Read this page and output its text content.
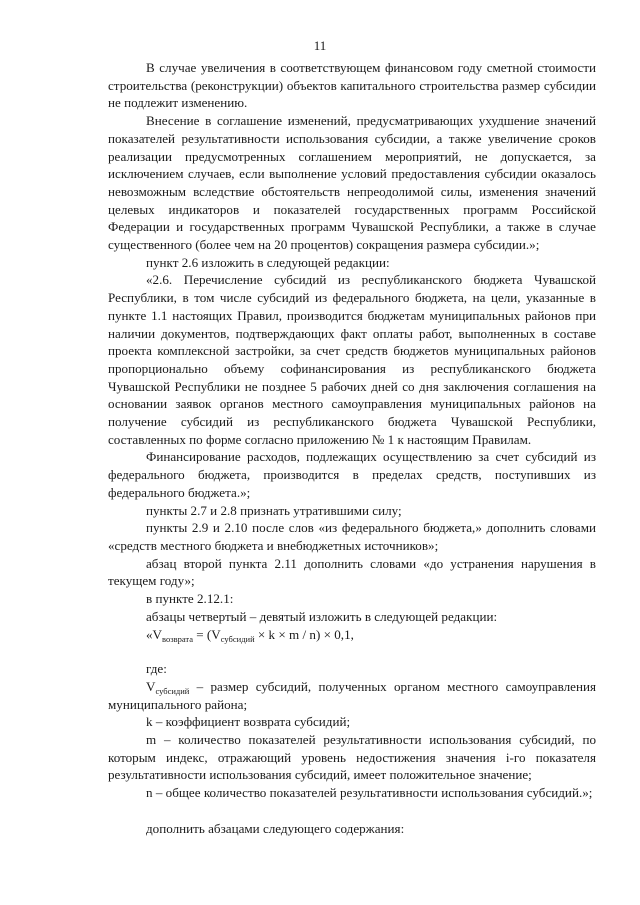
11

В случае увеличения в соответствующем финансовом году сметной стоимости строительства (реконструкции) объектов капитального строительства размер субсидии не подлежит изменению.

Внесение в соглашение изменений, предусматривающих ухудшение значений показателей результативности использования субсидии, а также увеличение сроков реализации предусмотренных соглашением мероприятий, не допускается, за исключением случаев, если выполнение условий предоставления субсидии оказалось невозможным вследствие обстоятельств непреодолимой силы, изменения значений целевых индикаторов и показателей государственных программ Российской Федерации и государственных программ Чувашской Республики, а также в случае существенного (более чем на 20 процентов) сокращения размера субсидии.»;

пункт 2.6 изложить в следующей редакции:

«2.6. Перечисление субсидий из республиканского бюджета Чувашской Республики, в том числе субсидий из федерального бюджета, на цели, указанные в пункте 1.1 настоящих Правил, производится бюджетам муниципальных районов при наличии документов, подтверждающих факт оплаты работ, выполненных в составе проекта комплексной застройки, за счет средств бюджетов муниципальных районов пропорционально объему софинансирования из республиканского бюджета Чувашской Республики не позднее 5 рабочих дней со дня заключения соглашения на основании заявок органов местного самоуправления муниципальных районов на получение субсидий из республиканского бюджета Чувашской Республики, составленных по форме согласно приложению № 1 к настоящим Правилам.

Финансирование расходов, подлежащих осуществлению за счет субсидий из федерального бюджета, производится в пределах средств, поступивших из федерального бюджета.»;

пункты 2.7 и 2.8 признать утратившими силу;

пункты 2.9 и 2.10 после слов «из федерального бюджета,» дополнить словами «средств местного бюджета и внебюджетных источников»;

абзац второй пункта 2.11 дополнить словами «до устранения нарушения в текущем году»;

в пункте 2.12.1:

абзацы четвертый – девятый изложить в следующей редакции:

«$V_{возврата} = (V_{субсидий} \times k \times m / n) \times 0,1$,

где:

$V_{субсидий}$ – размер субсидий, полученных органом местного самоуправления муниципального района;

k – коэффициент возврата субсидий;

m – количество показателей результативности использования субсидий, по которым индекс, отражающий уровень недостижения значения i-го показателя результативности использования субсидий, имеет положительное значение;

n – общее количество показателей результативности использования субсидий.»;

дополнить абзацами следующего содержания:
